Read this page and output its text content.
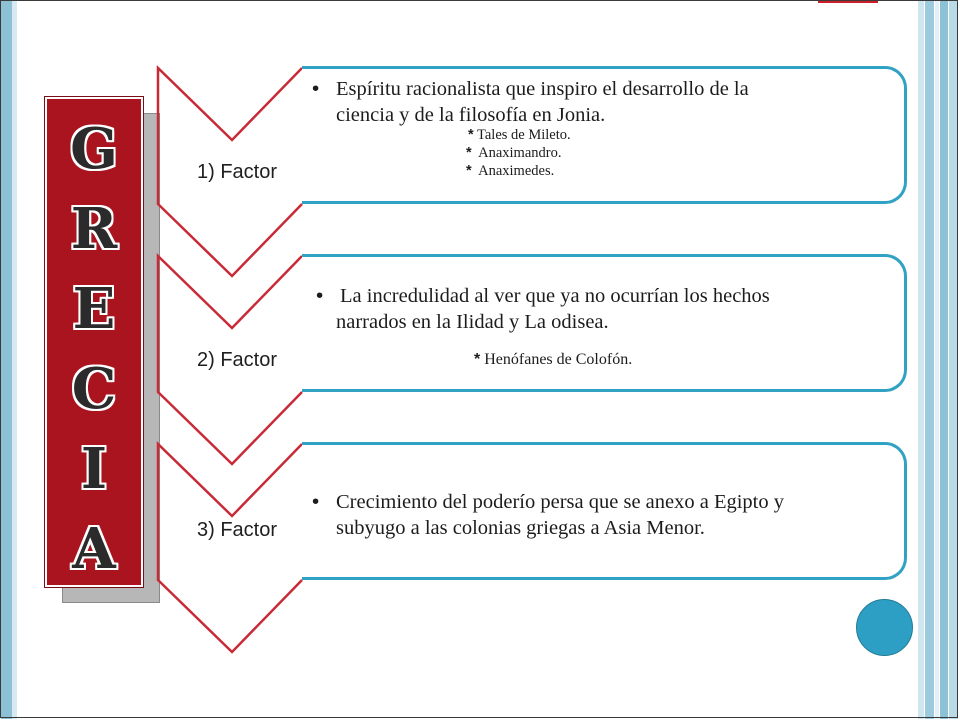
G
R
E
C
I
A
1) Factor
2) Factor
3) Factor
• Espíritu racionalista que inspiro el desarrollo de la
ciencia y de la filosofía en Jonia.
* Tales de Mileto.
* Anaximandro.
* Anaximedes.
• La incredulidad al ver que ya no ocurrían los hechos
narrados en la Ilidad y La odisea.
* Henófanes de Colofón.
• Crecimiento del poderío persa que se anexo a Egipto y
subyugo a las colonias griegas a Asia Menor.
